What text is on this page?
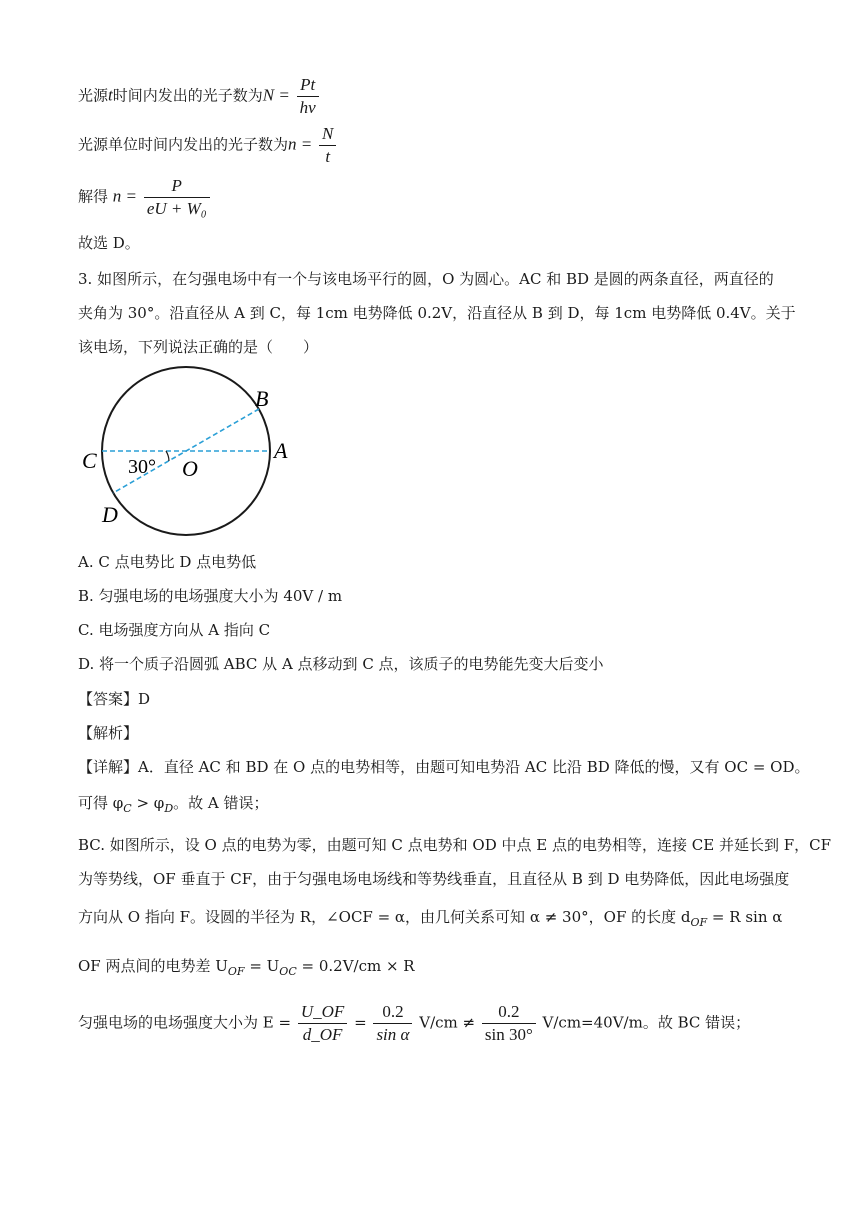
光源t时间内发出的光子数为$N = \frac{Pt}{h\nu}$
光源单位时间内发出的光子数为$n = \frac{N}{t}$
解得 $n = \frac{P}{\text{eU + W₀}}$
故选 D。
3. 如图所示，在匀强电场中有一个与该电场平行的圆，O 为圆心。AC 和 BD 是圆的两条直径，两直径的
夹角为 30°。沿直径从 A 到 C，每 1cm 电势降低 0.2V，沿直径从 B 到 D，每 1cm 电势降低 0.4V。关于
该电场，下列说法正确的是（　　）
B
A
C
D
O
30°
A. C 点电势比 D 点电势低
B. 匀强电场的电场强度大小为 40V / m
C. 电场强度方向从 A 指向 C
D. 将一个质子沿圆弧 ABC 从 A 点移动到 C 点，该质子的电势能先变大后变小
【答案】D
【解析】
【详解】A．直径 AC 和 BD 在 O 点的电势相等，由题可知电势沿 AC 比沿 BD 降低的慢，又有 OC = OD。
可得 $\varphi_C > \varphi_D$。故 A 错误；
BC. 如图所示，设 O 点的电势为零，由题可知 C 点电势和 OD 中点 E 点的电势相等，连接 CE 并延长到 F，CF
为等势线，OF 垂直于 CF，由于匀强电场电场线和等势线垂直，且直径从 B 到 D 电势降低，因此电场强度
方向从 O 指向 F。设圆的半径为 R，∠OCF = α，由几何关系可知 α ≠ 30°，OF 的长度 $d_{OF} = R$ sin α
OF 两点间的电势差 $U_{OF} = U_{OC} = 0.2V/cm \times R$
匀强电场的电场强度大小为 $E = \frac{U\_OF}{d\_OF} = \frac{0.2}{\text{sin α}} V/cm \ne \frac{0.2}{\sin 30^\circ} V/cm=40V/m$。故 BC 错误；
